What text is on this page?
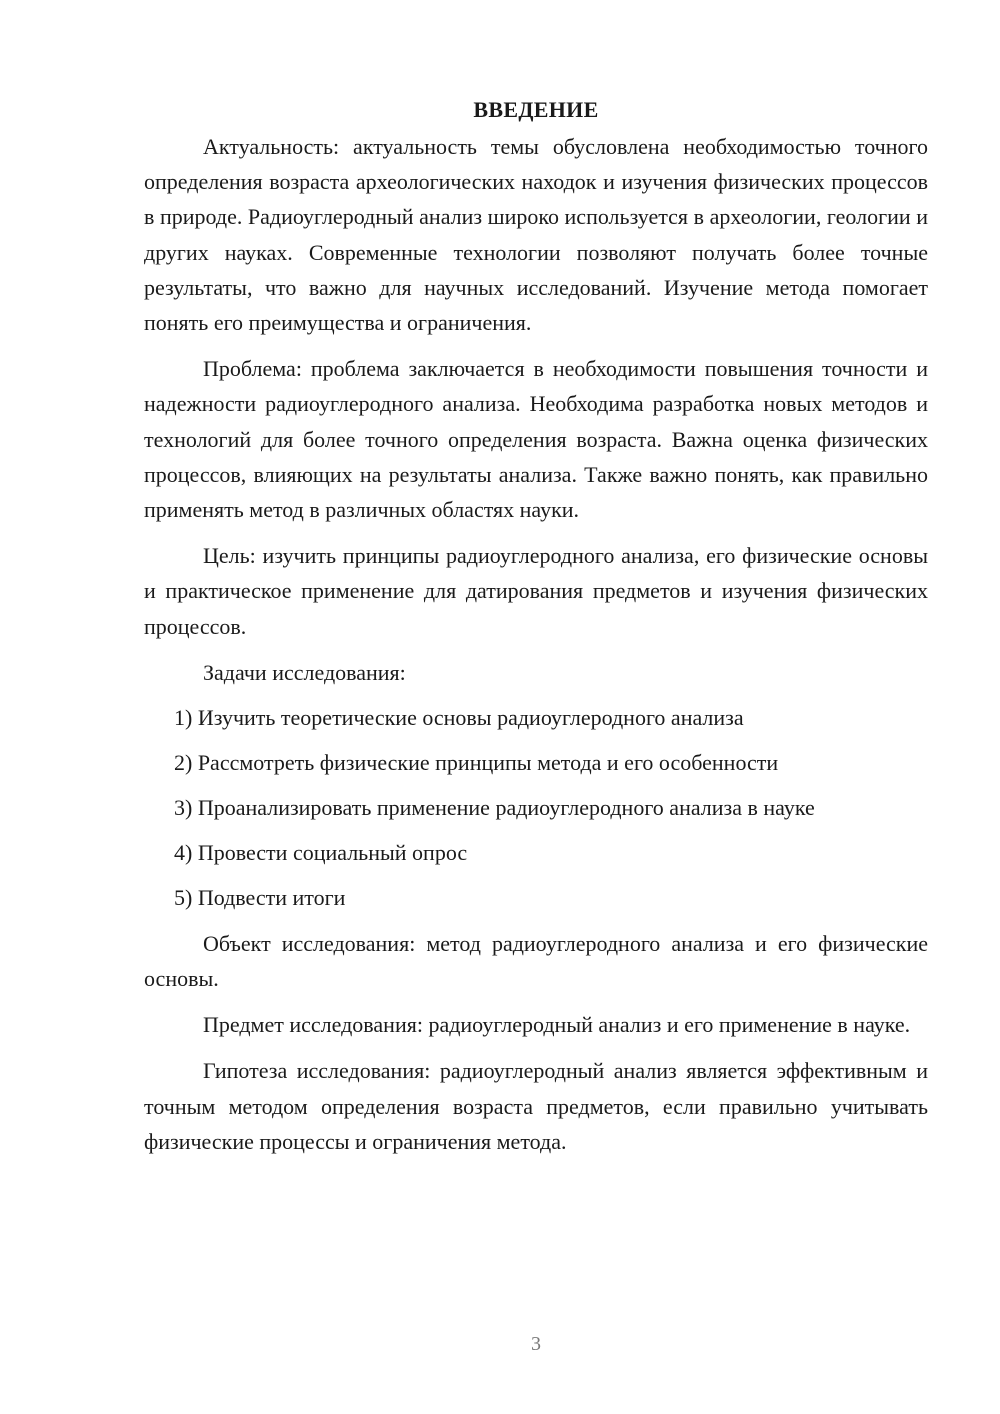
ВВЕДЕНИЕ

Актуальность: актуальность темы обусловлена необходимостью точного определения возраста археологических находок и изучения физических процессов в природе. Радиоуглеродный анализ широко используется в археологии, геологии и других науках. Современные технологии позволяют получать более точные результаты, что важно для научных исследований. Изучение метода помогает понять его преимущества и ограничения.

Проблема: проблема заключается в необходимости повышения точности и надежности радиоуглеродного анализа. Необходима разработка новых методов и технологий для более точного определения возраста. Важна оценка физических процессов, влияющих на результаты анализа. Также важно понять, как правильно применять метод в различных областях науки.

Цель: изучить принципы радиоуглеродного анализа, его физические основы и практическое применение для датирования предметов и изучения физических процессов.

Задачи исследования:

1) Изучить теоретические основы радиоуглеродного анализа
2) Рассмотреть физические принципы метода и его особенности
3) Проанализировать применение радиоуглеродного анализа в науке
4) Провести социальный опрос
5) Подвести итоги

Объект исследования: метод радиоуглеродного анализа и его физические основы.

Предмет исследования: радиоуглеродный анализ и его применение в науке.

Гипотеза исследования: радиоуглеродный анализ является эффективным и точным методом определения возраста предметов, если правильно учитывать физические процессы и ограничения метода.

3
